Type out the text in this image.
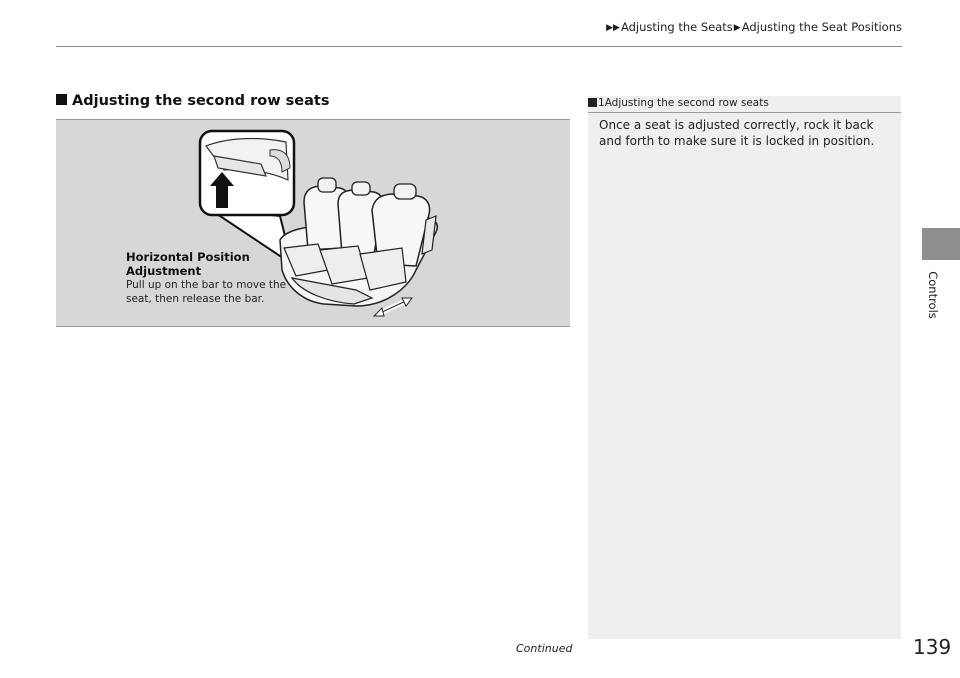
▶▶Adjusting the Seats▶Adjusting the Seat Positions
Adjusting the second row seats
Horizontal Position Adjustment
Pull up on the bar to move the seat, then release the bar.
1Adjusting the second row seats
Once a seat is adjusted correctly, rock it back and forth to make sure it is locked in position.
Controls
Continued	139
